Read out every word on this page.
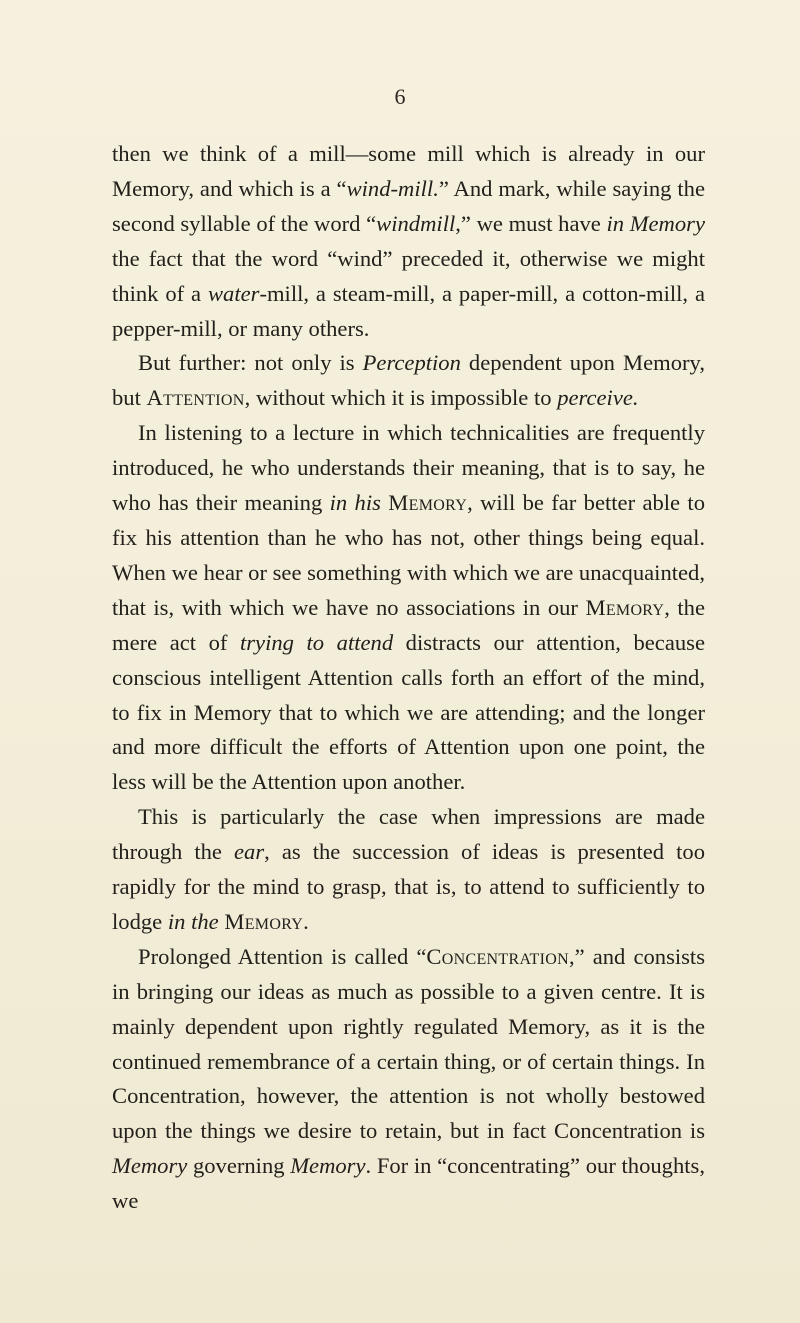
6

then we think of a mill—some mill which is already in our Memory, and which is a “wind-mill.” And mark, while saying the second syllable of the word “windmill,” we must have in Memory the fact that the word “wind” preceded it, otherwise we might think of a water-mill, a steam-mill, a paper-mill, a cotton-mill, a pepper-mill, or many others.

But further: not only is Perception dependent upon Memory, but Attention, without which it is impossible to perceive.

In listening to a lecture in which technicalities are frequently introduced, he who understands their meaning, that is to say, he who has their meaning in his Memory, will be far better able to fix his attention than he who has not, other things being equal. When we hear or see something with which we are unacquainted, that is, with which we have no associations in our Memory, the mere act of trying to attend distracts our attention, because conscious intelligent Attention calls forth an effort of the mind, to fix in Memory that to which we are attending; and the longer and more difficult the efforts of Attention upon one point, the less will be the Attention upon another.

This is particularly the case when impressions are made through the ear, as the succession of ideas is presented too rapidly for the mind to grasp, that is, to attend to sufficiently to lodge in the Memory.

Prolonged Attention is called “Concentration,” and consists in bringing our ideas as much as possible to a given centre. It is mainly dependent upon rightly regulated Memory, as it is the continued remembrance of a certain thing, or of certain things. In Concentration, however, the attention is not wholly bestowed upon the things we desire to retain, but in fact Concentration is Memory governing Memory. For in “concentrating” our thoughts, we
